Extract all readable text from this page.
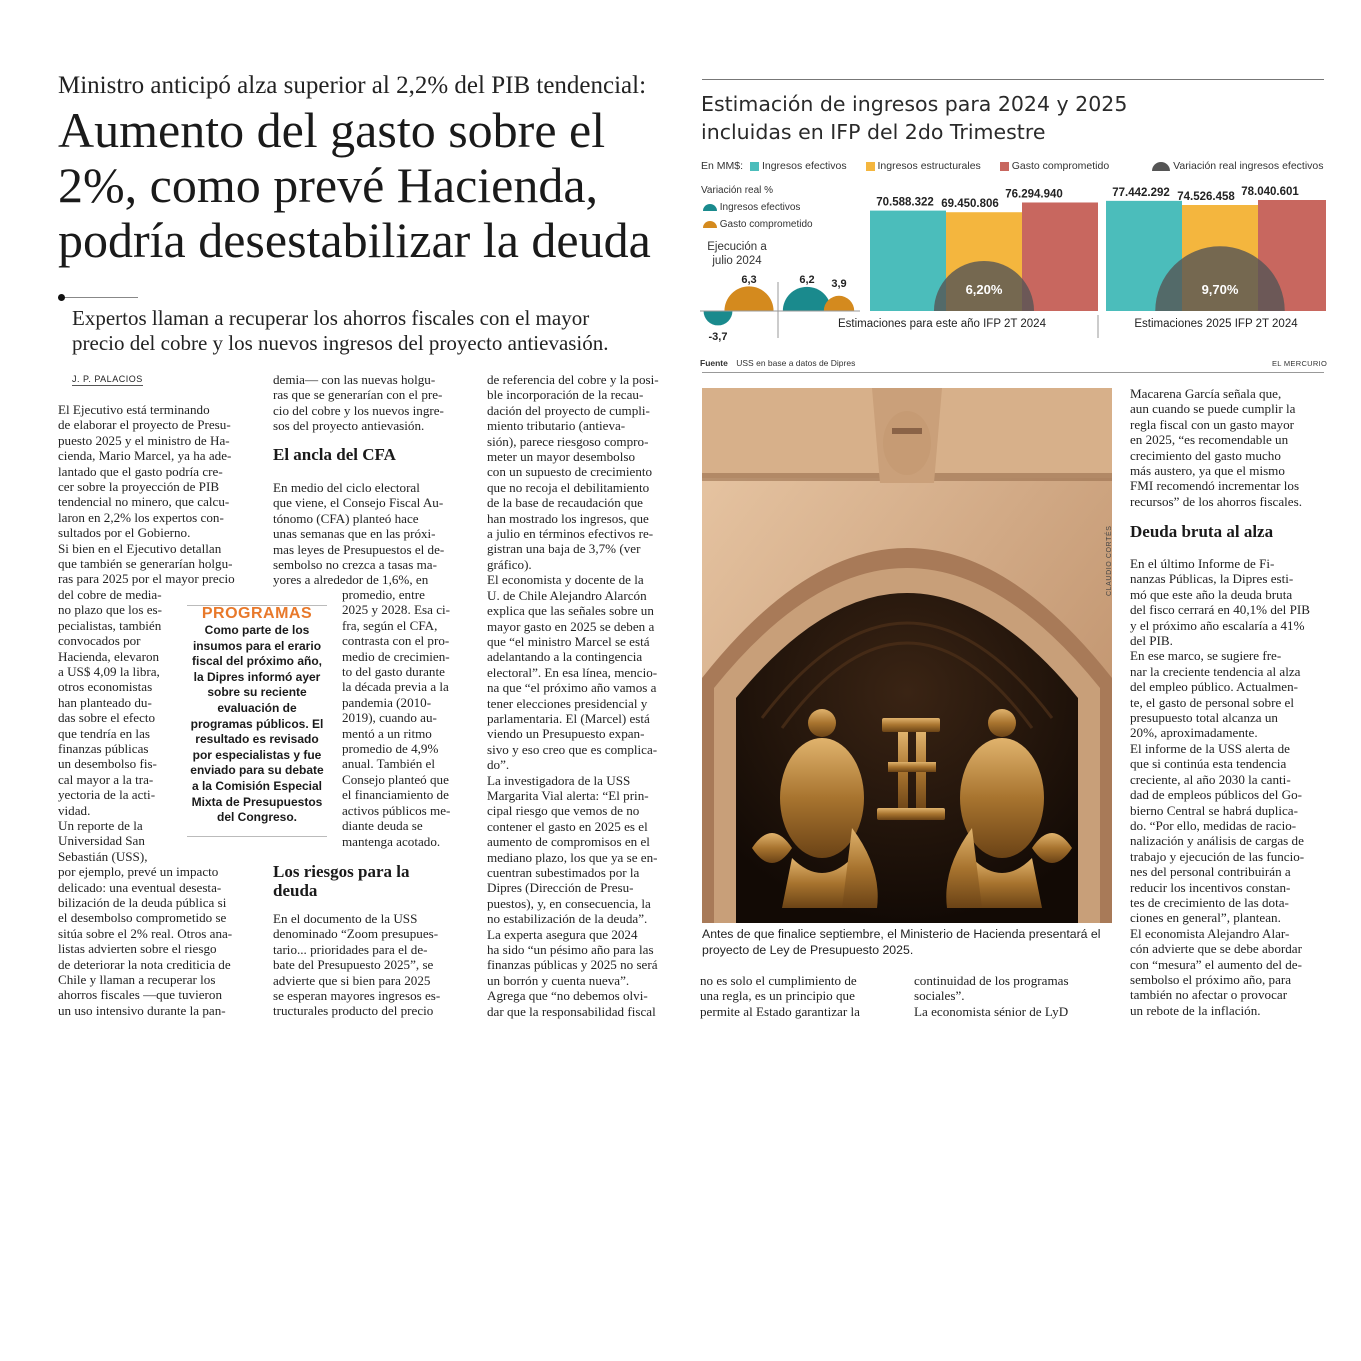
Ministro anticipó alza superior al 2,2% del PIB tendencial:
Aumento del gasto sobre el
2%, como prevé Hacienda,
podría desestabilizar la deuda
Expertos llaman a recuperar los ahorros fiscales con el mayor
precio del cobre y los nuevos ingresos del proyecto antievasión.
J. P. PALACIOS
El Ejecutivo está terminando
de elaborar el proyecto de Presu-
puesto 2025 y el ministro de Ha-
cienda, Mario Marcel, ya ha ade-
lantado que el gasto podría cre-
cer sobre la proyección de PIB
tendencial no minero, que calcu-
laron en 2,2% los expertos con-
sultados por el Gobierno.
Si bien en el Ejecutivo detallan
que también se generarían holgu-
ras para 2025 por el mayor precio
del cobre de media-
no plazo que los es-
pecialistas, también
convocados por
Hacienda, elevaron
a US$ 4,09 la libra,
otros economistas
han planteado du-
das sobre el efecto
que tendría en las
finanzas públicas
un desembolso fis-
cal mayor a la tra-
yectoria de la acti-
vidad.
Un reporte de la
Universidad San
Sebastián (USS),
por ejemplo, prevé un impacto
delicado: una eventual desesta-
bilización de la deuda pública si
el desembolso comprometido se
sitúa sobre el 2% real. Otros ana-
listas advierten sobre el riesgo
de deteriorar la nota crediticia de
Chile y llaman a recuperar los
ahorros fiscales —que tuvieron
un uso intensivo durante la pan-
demia— con las nuevas holgu-
ras que se generarían con el pre-
cio del cobre y los nuevos ingre-
sos del proyecto antievasión.
El ancla del CFA
En medio del ciclo electoral
que viene, el Consejo Fiscal Au-
tónomo (CFA) planteó hace
unas semanas que en las próxi-
mas leyes de Presupuestos el de-
sembolso no crezca a tasas ma-
yores a alrededor de 1,6%, en
promedio, entre
2025 y 2028. Esa ci-
fra, según el CFA,
contrasta con el pro-
medio de crecimien-
to del gasto durante
la década previa a la
pandemia (2010-
2019), cuando au-
mentó a un ritmo
promedio de 4,9%
anual. También el
Consejo planteó que
el financiamiento de
activos públicos me-
diante deuda se
mantenga acotado.
Los riesgos para la
deuda
En el documento de la USS
denominado “Zoom presupues-
tario... prioridades para el de-
bate del Presupuesto 2025”, se
advierte que si bien para 2025
se esperan mayores ingresos es-
tructurales producto del precio
PROGRAMAS
Como parte de los
insumos para el erario
fiscal del próximo año,
la Dipres informó ayer
sobre su reciente
evaluación de
programas públicos. El
resultado es revisado
por especialistas y fue
enviado para su debate
a la Comisión Especial
Mixta de Presupuestos
del Congreso.
de referencia del cobre y la posi-
ble incorporación de la recau-
dación del proyecto de cumpli-
miento tributario (antieva-
sión), parece riesgoso compro-
meter un mayor desembolso
con un supuesto de crecimiento
que no recoja el debilitamiento
de la base de recaudación que
han mostrado los ingresos, que
a julio en términos efectivos re-
gistran una baja de 3,7% (ver
gráfico).
El economista y docente de la
U. de Chile Alejandro Alarcón
explica que las señales sobre un
mayor gasto en 2025 se deben a
que “el ministro Marcel se está
adelantando a la contingencia
electoral”. En esa línea, menciо-
na que “el próximo año vamos a
tener elecciones presidencial y
parlamentaria. El (Marcel) está
viendo un Presupuesto expan-
sivo y eso creo que es complica-
do”.
La investigadora de la USS
Margarita Vial alerta: “El prin-
cipal riesgo que vemos de no
contener el gasto en 2025 es el
aumento de compromisos en el
mediano plazo, los que ya se en-
cuentran subestimados por la
Dipres (Dirección de Presu-
puestos), y, en consecuencia, la
no estabilización de la deuda”.
La experta asegura que 2024
ha sido “un pésimo año para las
finanzas públicas y 2025 no será
un borrón y cuenta nueva”.
Agrega que “no debemos olvi-
dar que la responsabilidad fiscal
Estimación de ingresos para 2024 y 2025
incluidas en IFP del 2do Trimestre
En MM$: Ingresos efectivos	Ingresos estructurales	Gasto comprometido	Variación real ingresos efectivos
Variación real %
Ingresos efectivos
Gasto comprometido
Ejecución a
julio 2024
70.588.322
77.442.292
69.450.806
74.526.458
76.294.940	78.040.601
6,20%	9,70%
-3,7
6,3	6,2 3,9
Estimaciones para este año IFP 2T 2024	Estimaciones 2025 IFP 2T 2024
Fuente USS en base a datos de Dipres	EL MERCURIO
CLAUDIO CORTÉS
Antes de que finalice septiembre, el Ministerio de Hacienda presentará el
proyecto de Ley de Presupuesto 2025.
no es solo el cumplimiento de
una regla, es un principio que
permite al Estado garantizar la
continuidad de los programas
sociales”.
La economista sénior de LyD
Macarena García señala que,
aun cuando se puede cumplir la
regla fiscal con un gasto mayor
en 2025, “es recomendable un
crecimiento del gasto mucho
más austero, ya que el mismo
FMI recomendó incrementar los
recursos” de los ahorros fiscales.
Deuda bruta al alza
En el último Informe de Fi-
nanzas Públicas, la Dipres esti-
mó que este año la deuda bruta
del fisco cerrará en 40,1% del PIB
y el próximo año escalaría a 41%
del PIB.
En ese marco, se sugiere fre-
nar la creciente tendencia al alza
del empleo público. Actualmen-
te, el gasto de personal sobre el
presupuesto total alcanza un
20%, aproximadamente.
El informe de la USS alerta de
que si continúa esta tendencia
creciente, al año 2030 la canti-
dad de empleos públicos del Go-
bierno Central se habrá duplica-
do. “Por ello, medidas de racio-
nalización y análisis de cargas de
trabajo y ejecución de las funcio-
nes del personal contribuirán a
reducir los incentivos constan-
tes de crecimiento de las dota-
ciones en general”, plantean.
El economista Alejandro Alar-
cón advierte que se debe abordar
con “mesura” el aumento del de-
sembolso el próximo año, para
también no afectar o provocar
un rebote de la inflación.
